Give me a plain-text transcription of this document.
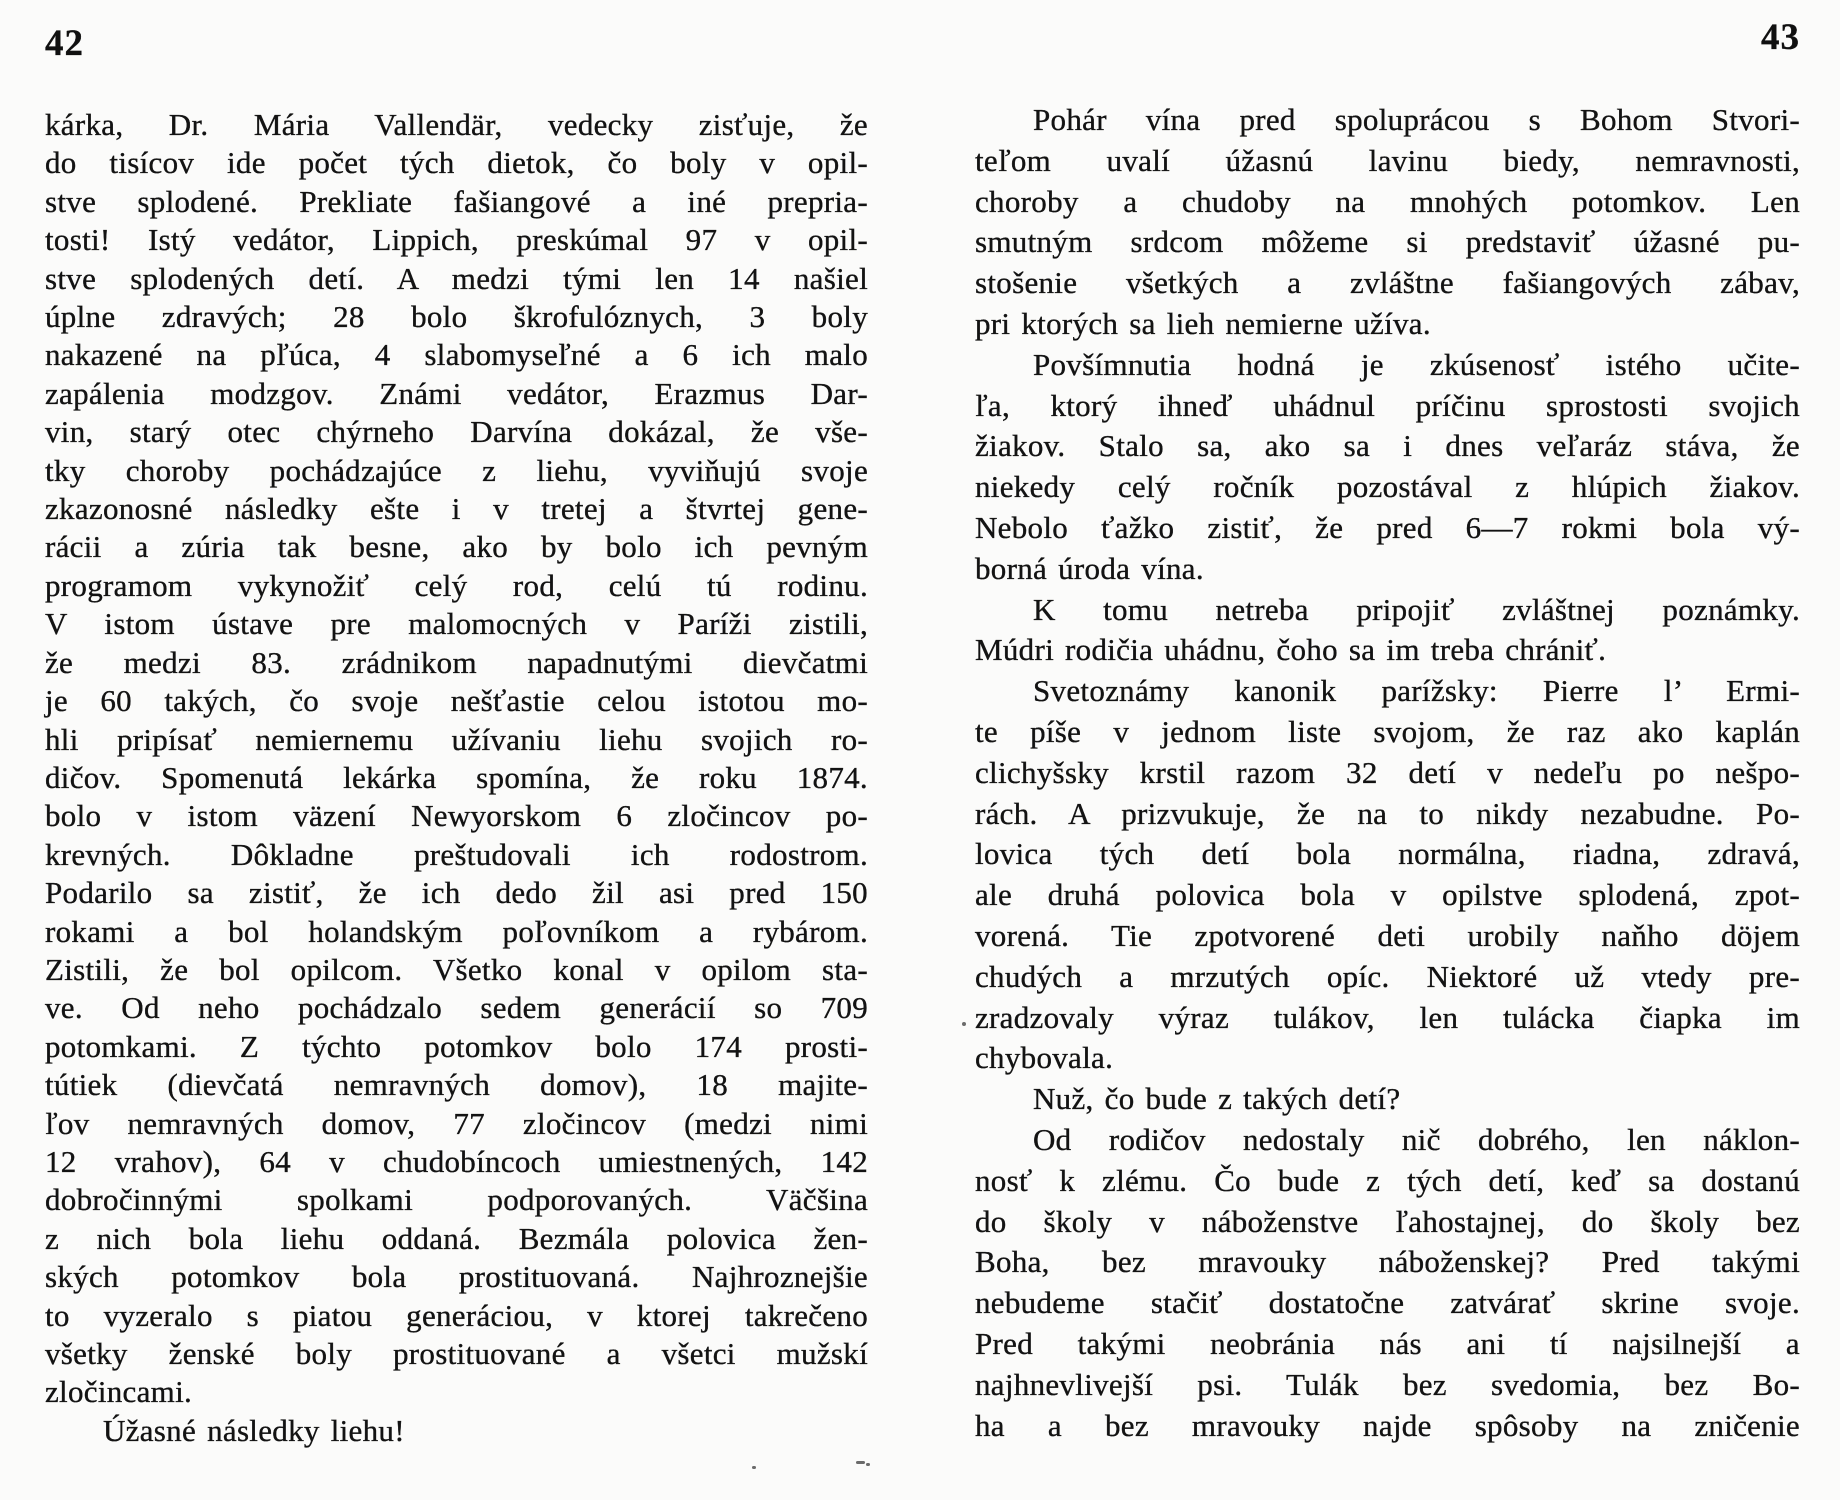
42	43
kárka, Dr. Mária Vallendär, vedecky zisťuje, že
do tisícov ide počet tých dietok, čo boly v opil-
stve splodené. Prekliate fašiangové a iné prepria-
tosti! Istý vedátor, Lippich, preskúmal 97 v opil-
stve splodených detí. A medzi tými len 14 našiel
úplne zdravých; 28 bolo škrofulóznych, 3 boly
nakazené na pľúca, 4 slabomyseľné a 6 ich malo
zapálenia modzgov. Známi vedátor, Erazmus Dar-
vin, starý otec chýrneho Darvína dokázal, že vše-
tky choroby pochádzajúce z liehu, vyviňujú svoje
zkazonosné následky ešte i v tretej a štvrtej gene-
rácii a zúria tak besne, ako by bolo ich pevným
programom vykynožiť celý rod, celú tú rodinu.
V istom ústave pre malomocných v Paríži zistili,
že medzi 83. zrádnikom napadnutými dievčatmi
je 60 takých, čo svoje nešťastie celou istotou mo-
hli pripísať nemiernemu užívaniu liehu svojich ro-
dičov. Spomenutá lekárka spomína, že roku 1874.
bolo v istom väzení Newyorskom 6 zločincov po-
krevných. Dôkladne preštudovali ich rodostrom.
Podarilo sa zistiť, že ich dedo žil asi pred 150
rokami a bol holandským poľovníkom a rybárom.
Zistili, že bol opilcom. Všetko konal v opilom sta-
ve. Od neho pochádzalo sedem generácií so 709
potomkami. Z týchto potomkov bolo 174 prosti-
tútiek (dievčatá nemravných domov), 18 majite-
ľov nemravných domov, 77 zločincov (medzi nimi
12 vrahov), 64 v chudobíncoch umiestnených, 142
dobročinnými spolkami podporovaných. Väčšina
z nich bola liehu oddaná. Bezmála polovica žen-
ských potomkov bola prostituovaná. Najhroznejšie
to vyzeralo s piatou generáciou, v ktorej takrečeno
všetky ženské boly prostituované a všetci mužskí
zločincami.
Úžasné následky liehu!
Pohár vína pred spoluprácou s Bohom Stvori-
teľom uvalí úžasnú lavinu biedy, nemravnosti,
choroby a chudoby na mnohých potomkov. Len
smutným srdcom môžeme si predstaviť úžasné pu-
stošenie všetkých a zvláštne fašiangových zábav,
pri ktorých sa lieh nemierne užíva.
Povšímnutia hodná je zkúsenosť istého učite-
ľa, ktorý ihneď uhádnul príčinu sprostosti svojich
žiakov. Stalo sa, ako sa i dnes veľaráz stáva, že
niekedy celý ročník pozostával z hlúpich žiakov.
Nebolo ťažko zistiť, že pred 6—7 rokmi bola vý-
borná úroda vína.
K tomu netreba pripojiť zvláštnej poznámky.
Múdri rodičia uhádnu, čoho sa im treba chrániť.
Svetoznámy kanonik parížsky: Pierre l’ Ermi-
te píše v jednom liste svojom, že raz ako kaplán
clichyšsky krstil razom 32 detí v nedeľu po nešpo-
rách. A prizvukuje, že na to nikdy nezabudne. Po-
lovica tých detí bola normálna, riadna, zdravá,
ale druhá polovica bola v opilstve splodená, zpot-
vorená. Tie zpotvorené deti urobily naňho döjem
chudých a mrzutých opíc. Niektoré už vtedy pre-
zradzovaly výraz tulákov, len tulácka čiapka im
chybovala.
Nuž, čo bude z takých detí?
Od rodičov nedostaly nič dobrého, len náklon-
nosť k zlému. Čo bude z tých detí, keď sa dostanú
do školy v náboženstve ľahostajnej, do školy bez
Boha, bez mravouky náboženskej? Pred takými
nebudeme stačiť dostatočne zatvárať skrine svoje.
Pred takými neobránia nás ani tí najsilnejší a
najhnevlivejší psi. Tulák bez svedomia, bez Bo-
ha a bez mravouky najde spôsoby na zničenie
